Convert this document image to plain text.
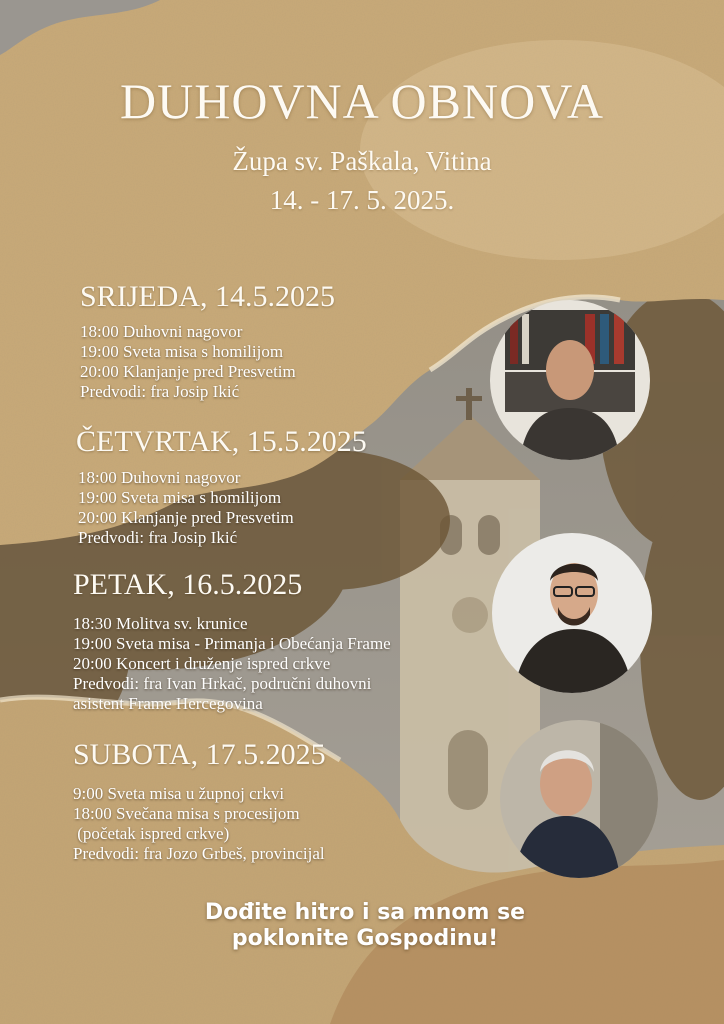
DUHOVNA OBNOVA
Župa sv. Paškala, Vitina
14. - 17. 5. 2025.
SRIJEDA, 14.5.2025
18:00 Duhovni nagovor
19:00 Sveta misa s homilijom
20:00 Klanjanje pred Presvetim
Predvodi: fra Josip Ikić
ČETVRTAK, 15.5.2025
18:00 Duhovni nagovor
19:00 Sveta misa s homilijom
20:00 Klanjanje pred Presvetim
Predvodi: fra Josip Ikić
PETAK, 16.5.2025
18:30 Molitva sv. krunice
19:00 Sveta misa - Primanja i Obećanja Frame
20:00 Koncert i druženje ispred crkve
Predvodi: fra Ivan Hrkač, područni duhovni
asistent Frame Hercegovina
SUBOTA, 17.5.2025
9:00 Sveta misa u župnoj crkvi
18:00 Svečana misa s procesijom
(početak ispred crkve)
Predvodi: fra Jozo Grbeš, provincijal
Dođite hitro i sa mnom se
poklonite Gospodinu!
